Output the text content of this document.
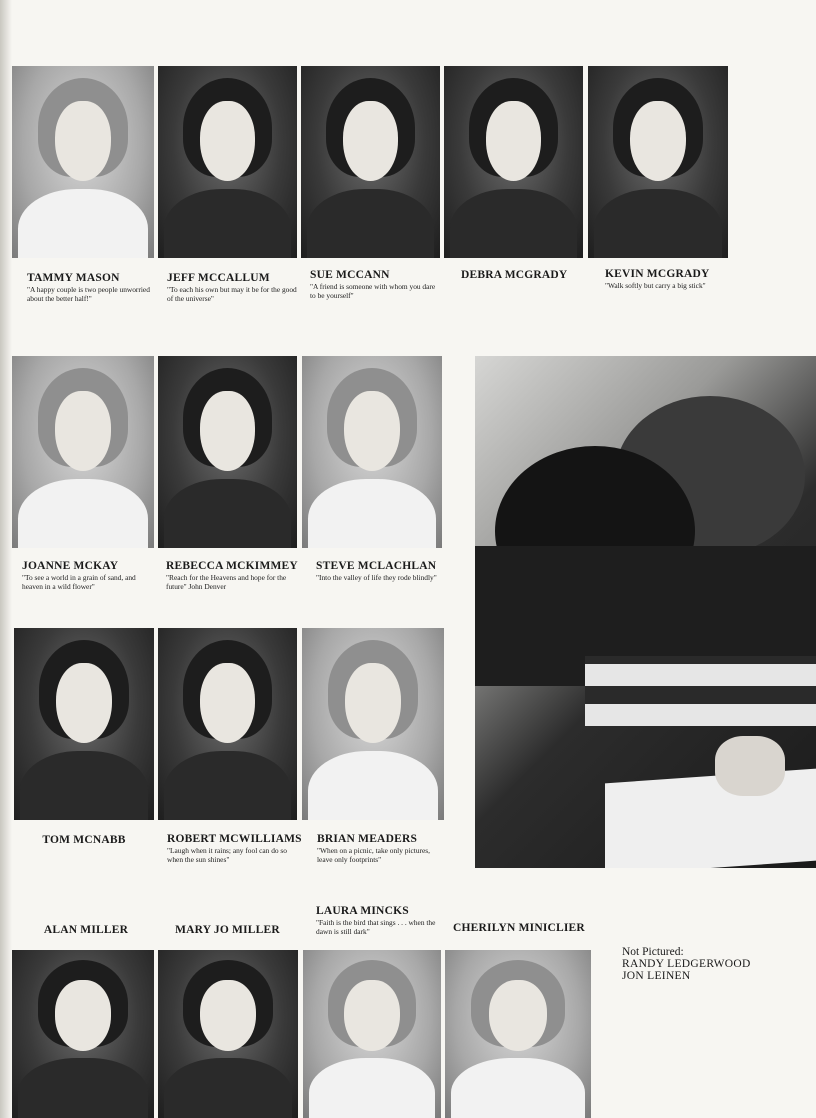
TAMMY MASON
"A happy couple is two people unworried about the better half!"
JEFF MCCALLUM
"To each his own but may it be for the good of the universe"
SUE MCCANN
"A friend is someone with whom you dare to be yourself"
DEBRA MCGRADY	KEVIN MCGRADY
"Walk softly but carry a big stick"
JOANNE MCKAY
"To see a world in a grain of sand, and heaven in a wild flower"
REBECCA MCKIMMEY
"Reach for the Heavens and hope for the future" John Denver
STEVE MCLACHLAN
"Into the valley of life they rode blindly"
TOM MCNABB	ROBERT MCWILLIAMS
"Laugh when it rains; any fool can do so when the sun shines"
BRIAN MEADERS
"When on a picnic, take only pictures, leave only footprints"
ALAN MILLER	MARY JO MILLER
LAURA MINCKS
"Faith is the bird that sings . . . when the dawn is still dark"	CHERILYN MINICLIER
Not Pictured:
RANDY LEDGERWOOD
JON LEINEN
